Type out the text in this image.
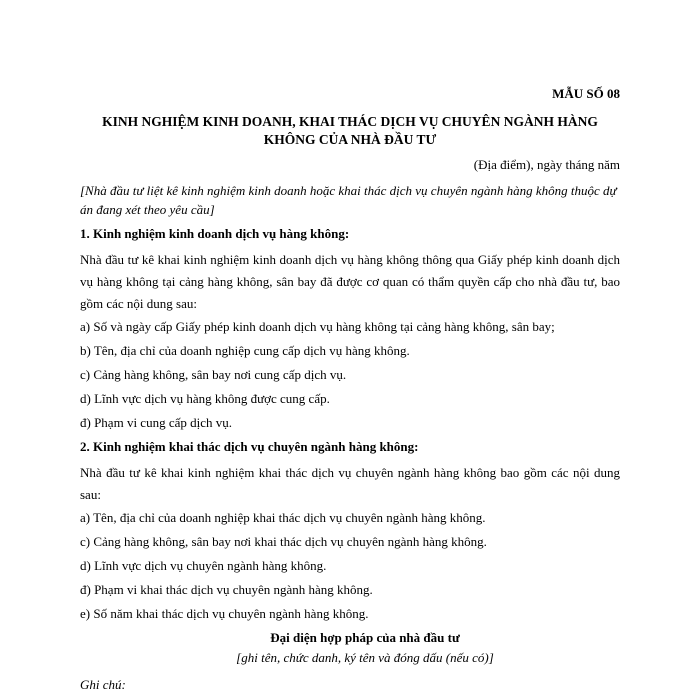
MẪU SỐ 08

KINH NGHIỆM KINH DOANH, KHAI THÁC DỊCH VỤ CHUYÊN NGÀNH HÀNG
KHÔNG CỦA NHÀ ĐẦU TƯ

(Địa điểm), ngày tháng năm

[Nhà đầu tư liệt kê kinh nghiệm kinh doanh hoặc khai thác dịch vụ chuyên ngành hàng không thuộc dự án đang xét theo yêu cầu]

1. Kinh nghiệm kinh doanh dịch vụ hàng không:

Nhà đầu tư kê khai kinh nghiệm kinh doanh dịch vụ hàng không thông qua Giấy phép kinh doanh dịch vụ hàng không tại cảng hàng không, sân bay đã được cơ quan có thẩm quyền cấp cho nhà đầu tư, bao gồm các nội dung sau:

a) Số và ngày cấp Giấy phép kinh doanh dịch vụ hàng không tại cảng hàng không, sân bay;

b) Tên, địa chỉ của doanh nghiệp cung cấp dịch vụ hàng không.

c) Cảng hàng không, sân bay nơi cung cấp dịch vụ.

d) Lĩnh vực dịch vụ hàng không được cung cấp.

đ) Phạm vi cung cấp dịch vụ.

2. Kinh nghiệm khai thác dịch vụ chuyên ngành hàng không:

Nhà đầu tư kê khai kinh nghiệm khai thác dịch vụ chuyên ngành hàng không bao gồm các nội dung sau:

a) Tên, địa chỉ của doanh nghiệp khai thác dịch vụ chuyên ngành hàng không.

c) Cảng hàng không, sân bay nơi khai thác dịch vụ chuyên ngành hàng không.

d) Lĩnh vực dịch vụ chuyên ngành hàng không.

đ) Phạm vi khai thác dịch vụ chuyên ngành hàng không.

e) Số năm khai thác dịch vụ chuyên ngành hàng không.

Đại diện hợp pháp của nhà đầu tư

[ghi tên, chức danh, ký tên và đóng dấu (nếu có)]

Ghi chú:
